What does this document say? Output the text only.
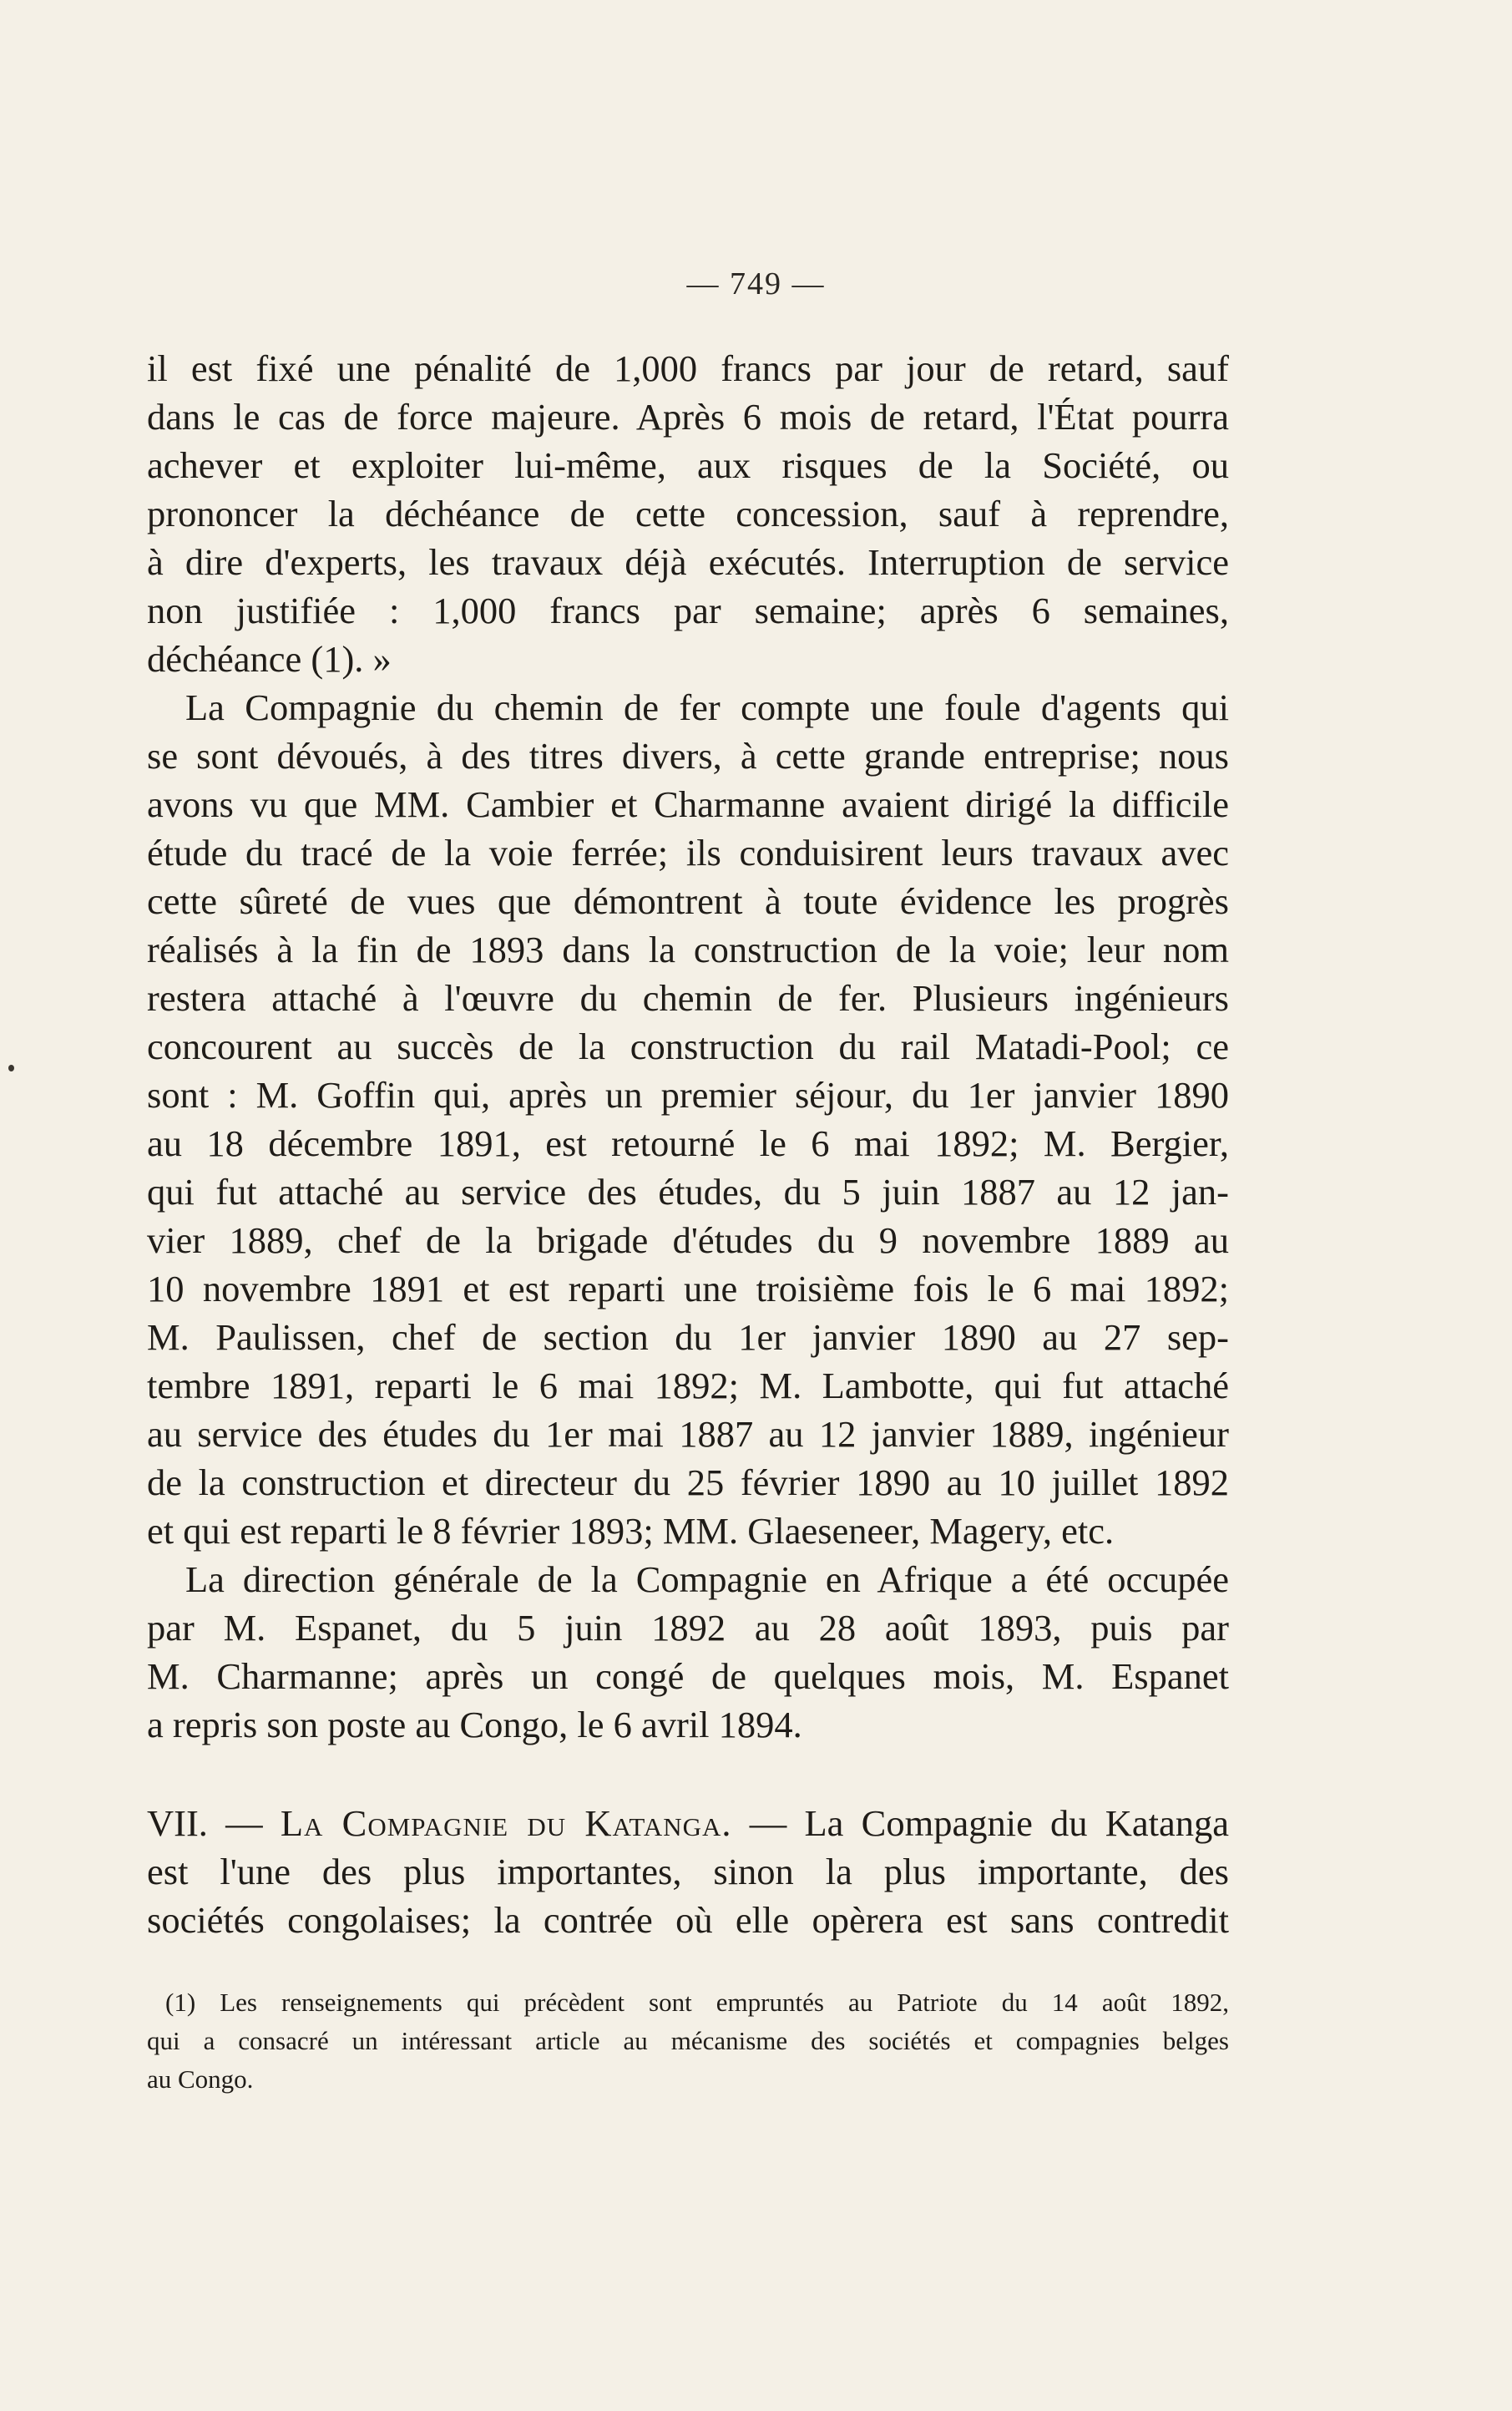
— 749 —
il est fixé une pénalité de 1,000 francs par jour de retard, sauf
dans le cas de force majeure. Après 6 mois de retard, l'État pourra
achever et exploiter lui-même, aux risques de la Société, ou
prononcer la déchéance de cette concession, sauf à reprendre,
à dire d'experts, les travaux déjà exécutés. Interruption de service
non justifiée : 1,000 francs par semaine; après 6 semaines,
déchéance (1). »
La Compagnie du chemin de fer compte une foule d'agents qui
se sont dévoués, à des titres divers, à cette grande entreprise; nous
avons vu que MM. Cambier et Charmanne avaient dirigé la difficile
étude du tracé de la voie ferrée; ils conduisirent leurs travaux avec
cette sûreté de vues que démontrent à toute évidence les progrès
réalisés à la fin de 1893 dans la construction de la voie; leur nom
restera attaché à l'œuvre du chemin de fer. Plusieurs ingénieurs
concourent au succès de la construction du rail Matadi-Pool; ce
sont : M. Goffin qui, après un premier séjour, du 1er janvier 1890
au 18 décembre 1891, est retourné le 6 mai 1892; M. Bergier,
qui fut attaché au service des études, du 5 juin 1887 au 12 jan-
vier 1889, chef de la brigade d'études du 9 novembre 1889 au
10 novembre 1891 et est reparti une troisième fois le 6 mai 1892;
M. Paulissen, chef de section du 1er janvier 1890 au 27 sep-
tembre 1891, reparti le 6 mai 1892; M. Lambotte, qui fut attaché
au service des études du 1er mai 1887 au 12 janvier 1889, ingénieur
de la construction et directeur du 25 février 1890 au 10 juillet 1892
et qui est reparti le 8 février 1893; MM. Glaeseneer, Magery, etc.
La direction générale de la Compagnie en Afrique a été occupée
par M. Espanet, du 5 juin 1892 au 28 août 1893, puis par
M. Charmanne; après un congé de quelques mois, M. Espanet
a repris son poste au Congo, le 6 avril 1894.
VII. — La Compagnie du Katanga. — La Compagnie du Katanga
est l'une des plus importantes, sinon la plus importante, des
sociétés congolaises; la contrée où elle opèrera est sans contredit
(1) Les renseignements qui précèdent sont empruntés au Patriote du 14 août 1892,
qui a consacré un intéressant article au mécanisme des sociétés et compagnies belges
au Congo.
